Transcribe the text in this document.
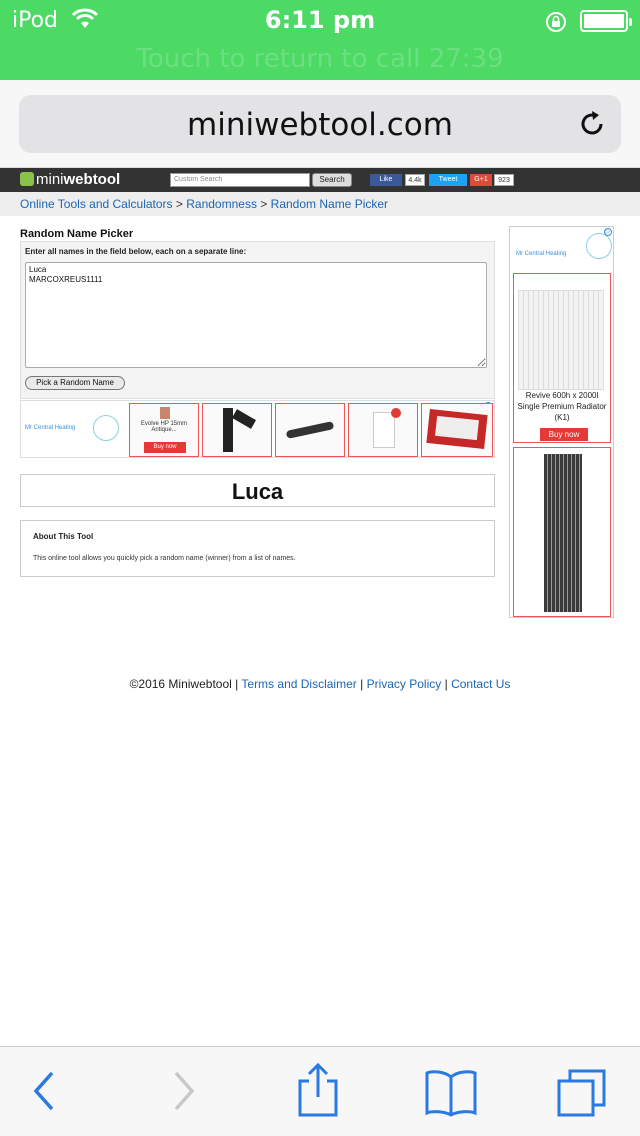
iPod	6:11 pm
Touch to return to call 27:39
miniwebtool.com
miniwebtool	Custom Search	Search	Like	4.4k	Tweet	G+1	923
Online Tools and Calculators > Randomness > Random Name Picker
Random Name Picker
Enter all names in the field below, each on a separate line:
Luca MARCOXREUS1111
Pick a Random Name
Mr Central Heating
Evolve HP 15mm Antique...
Buy now
Luca
About This Tool
This online tool allows you quickly pick a random name (winner) from a list of names.
▷
Mr Central Heating
Revive 600h x 2000l Single Premium Radiator (K1)
Buy now
©2016 Miniwebtool | Terms and Disclaimer | Privacy Policy | Contact Us
